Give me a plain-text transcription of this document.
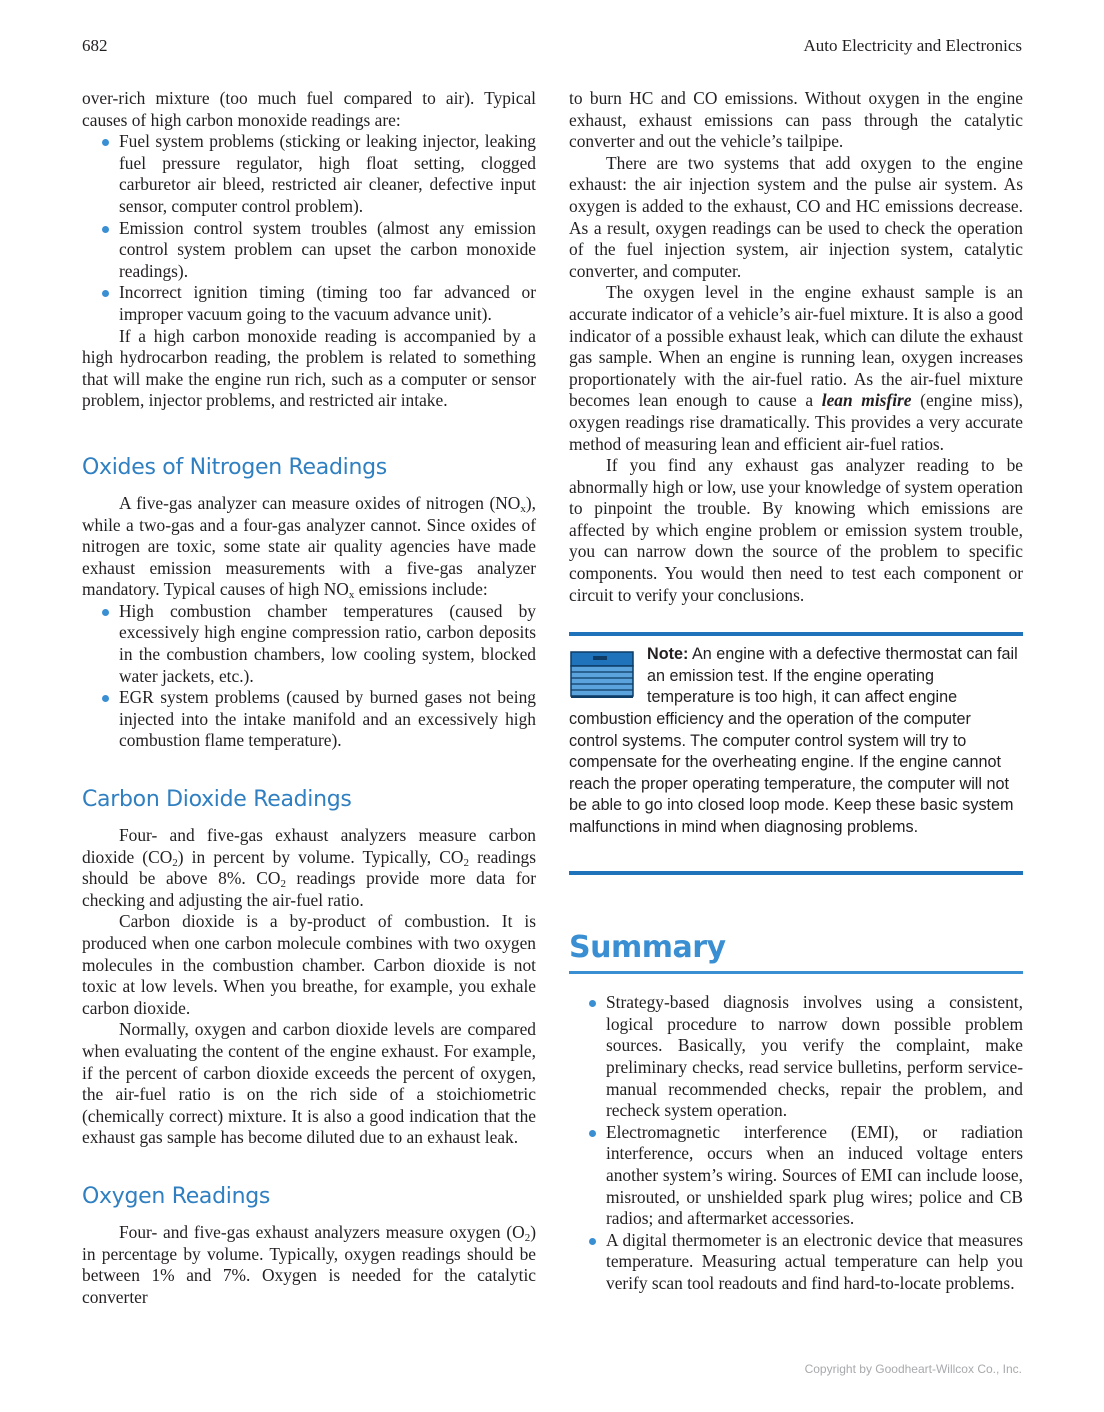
682	Auto Electricity and Electronics

over-rich mixture (too much fuel compared to air). Typical causes of high carbon monoxide readings are:

Fuel system problems (sticking or leaking injector, leaking fuel pressure regulator, high float setting, clogged carburetor air bleed, restricted air cleaner, defective input sensor, computer control problem).
Emission control system troubles (almost any emission control system problem can upset the carbon monoxide readings).
Incorrect ignition timing (timing too far advanced or improper vacuum going to the vacuum advance unit).

If a high carbon monoxide reading is accompanied by a high hydrocarbon reading, the problem is related to something that will make the engine run rich, such as a computer or sensor problem, injector problems, and restricted air intake.

Oxides of Nitrogen Readings

A five-gas analyzer can measure oxides of nitrogen $(NO_x)$, while a two-gas and a four-gas analyzer cannot. Since oxides of nitrogen are toxic, some state air quality agencies have made exhaust emission measurements with a five-gas analyzer mandatory. Typical causes of high $NO_x$ emissions include:

High combustion chamber temperatures (caused by excessively high engine compression ratio, carbon deposits in the combustion chambers, low cooling system, blocked water jackets, etc.).
EGR system problems (caused by burned gases not being injected into the intake manifold and an excessively high combustion flame temperature).
Carbon Dioxide Readings

Four- and five-gas exhaust analyzers measure carbon dioxide $(CO_2)$ in percent by volume. Typically, $CO_2$ readings should be above 8%. $CO_2$ readings provide more data for checking and adjusting the air-fuel ratio.

Carbon dioxide is a by-product of combustion. It is produced when one carbon molecule combines with two oxygen molecules in the combustion chamber. Carbon dioxide is not toxic at low levels. When you breathe, for example, you exhale carbon dioxide.

Normally, oxygen and carbon dioxide levels are compared when evaluating the content of the engine exhaust. For example, if the percent of carbon dioxide exceeds the percent of oxygen, the air-fuel ratio is on the rich side of a stoichiometric (chemically correct) mixture. It is also a good indication that the exhaust gas sample has become diluted due to an exhaust leak.

Oxygen Readings

Four- and five-gas exhaust analyzers measure oxygen $(O_2)$ in percentage by volume. Typically, oxygen readings should be between 1% and 7%. Oxygen is needed for the catalytic converter

to burn HC and CO emissions. Without oxygen in the engine exhaust, exhaust emissions can pass through the catalytic converter and out the vehicle’s tailpipe.

There are two systems that add oxygen to the engine exhaust: the air injection system and the pulse air system. As oxygen is added to the exhaust, CO and HC emissions decrease. As a result, oxygen readings can be used to check the operation of the fuel injection system, air injection system, catalytic converter, and computer.

The oxygen level in the engine exhaust sample is an accurate indicator of a vehicle’s air-fuel mixture. It is also a good indicator of a possible exhaust leak, which can dilute the exhaust gas sample. When an engine is running lean, oxygen increases proportionately with the air-fuel ratio. As the air-fuel mixture becomes lean enough to cause a lean misfire (engine miss), oxygen readings rise dramatically. This provides a very accurate method of measuring lean and efficient air-fuel ratios.

If you find any exhaust gas analyzer reading to be abnormally high or low, use your knowledge of system operation to pinpoint the trouble. By knowing which emissions are affected by which engine problem or emission system trouble, you can narrow down the source of the problem to specific components. You would then need to test each component or circuit to verify your conclusions.

Note: An engine with a defective thermostat can fail an emission test. If the engine operating temperature is too high, it can affect engine combustion efficiency and the operation of the computer control systems. The computer control system will try to compensate for the overheating engine. If the engine cannot reach the proper operating temperature, the computer will not be able to go into closed loop mode. Keep these basic system malfunctions in mind when diagnosing problems.
Summary
Strategy-based diagnosis involves using a consistent, logical procedure to narrow down possible problem sources. Basically, you verify the complaint, make preliminary checks, read service bulletins, perform service-manual recommended checks, repair the problem, and recheck system operation.
Electromagnetic interference (EMI), or radiation interference, occurs when an induced voltage enters another system’s wiring. Sources of EMI can include loose, misrouted, or unshielded spark plug wires; police and CB radios; and aftermarket accessories.
A digital thermometer is an electronic device that measures temperature. Measuring actual temperature can help you verify scan tool readouts and find hard-to-locate problems.
Copyright by Goodheart-Willcox Co., Inc.
